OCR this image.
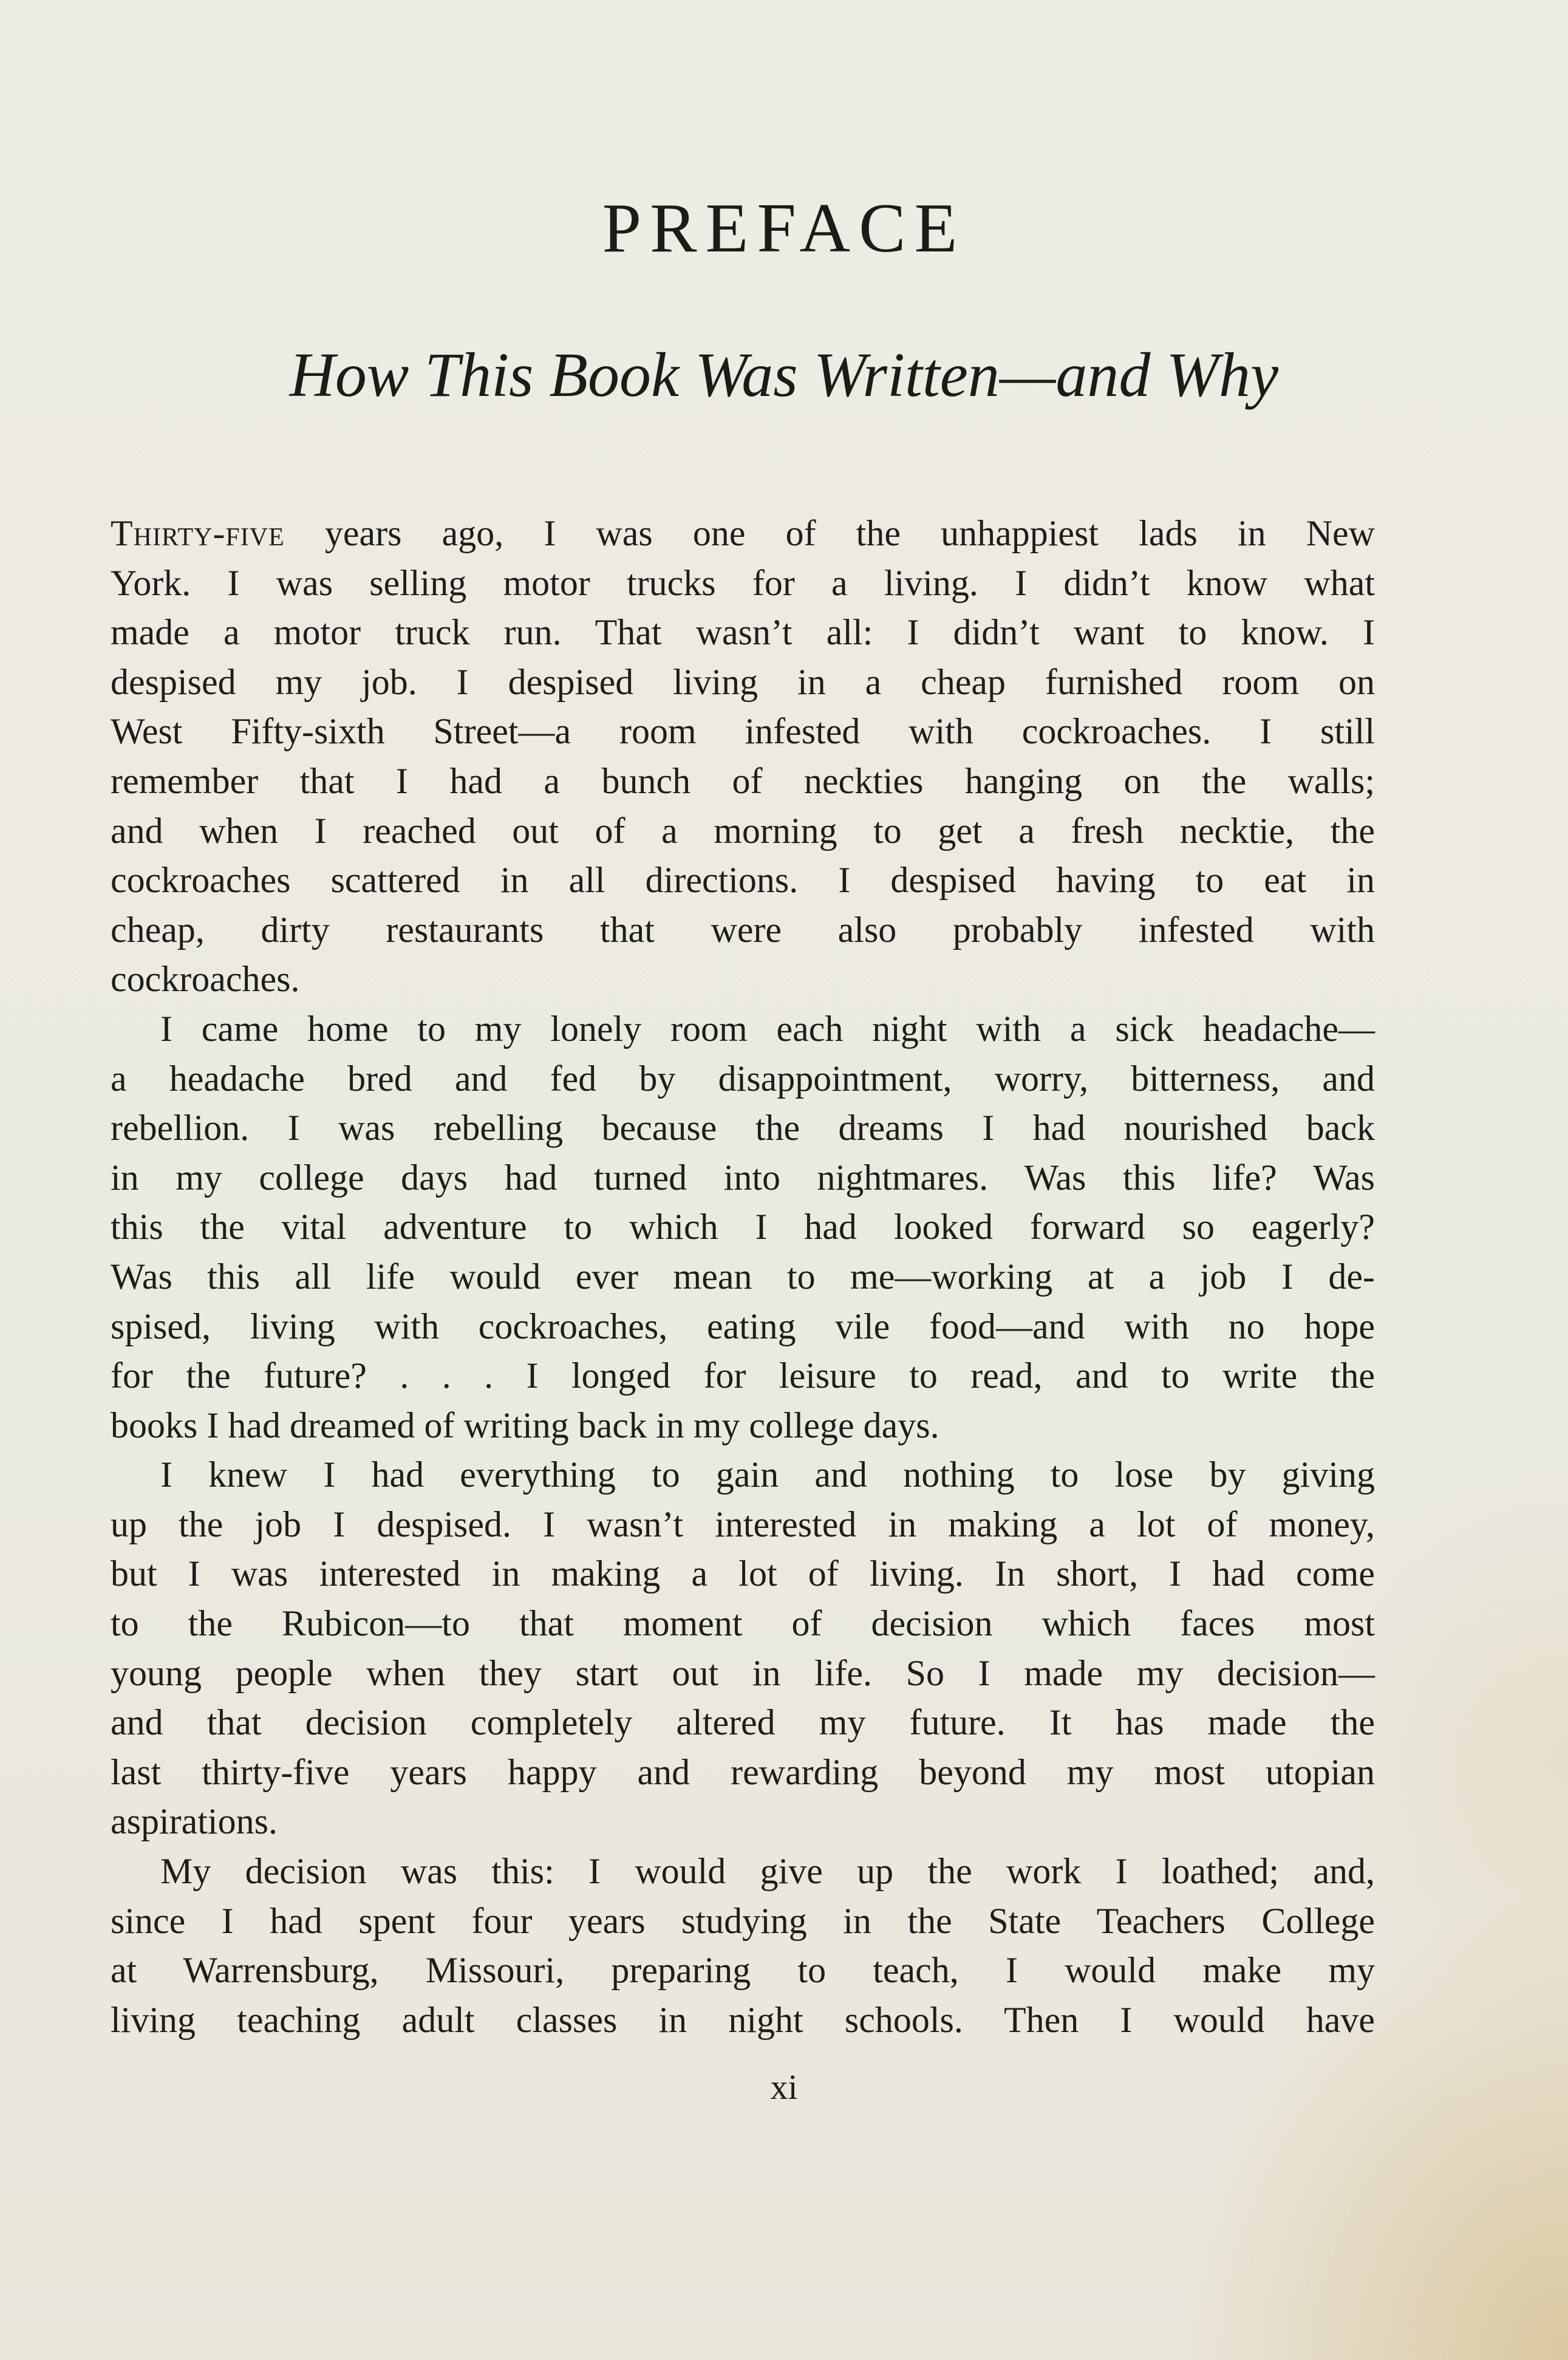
PREFACE
How This Book Was Written—and Why
Thirty-five years ago, I was one of the unhappiest lads in New
York. I was selling motor trucks for a living. I didn’t know what
made a motor truck run. That wasn’t all: I didn’t want to know. I
despised my job. I despised living in a cheap furnished room on
West Fifty-sixth Street—a room infested with cockroaches. I still
remember that I had a bunch of neckties hanging on the walls;
and when I reached out of a morning to get a fresh necktie, the
cockroaches scattered in all directions. I despised having to eat in
cheap, dirty restaurants that were also probably infested with
cockroaches.
I came home to my lonely room each night with a sick headache—
a headache bred and fed by disappointment, worry, bitterness, and
rebellion. I was rebelling because the dreams I had nourished back
in my college days had turned into nightmares. Was this life? Was
this the vital adventure to which I had looked forward so eagerly?
Was this all life would ever mean to me—working at a job I de-
spised, living with cockroaches, eating vile food—and with no hope
for the future? . . . I longed for leisure to read, and to write the
books I had dreamed of writing back in my college days.
I knew I had everything to gain and nothing to lose by giving
up the job I despised. I wasn’t interested in making a lot of money,
but I was interested in making a lot of living. In short, I had come
to the Rubicon—to that moment of decision which faces most
young people when they start out in life. So I made my decision—
and that decision completely altered my future. It has made the
last thirty-five years happy and rewarding beyond my most utopian
aspirations.
My decision was this: I would give up the work I loathed; and,
since I had spent four years studying in the State Teachers College
at Warrensburg, Missouri, preparing to teach, I would make my
living teaching adult classes in night schools. Then I would have
xi
